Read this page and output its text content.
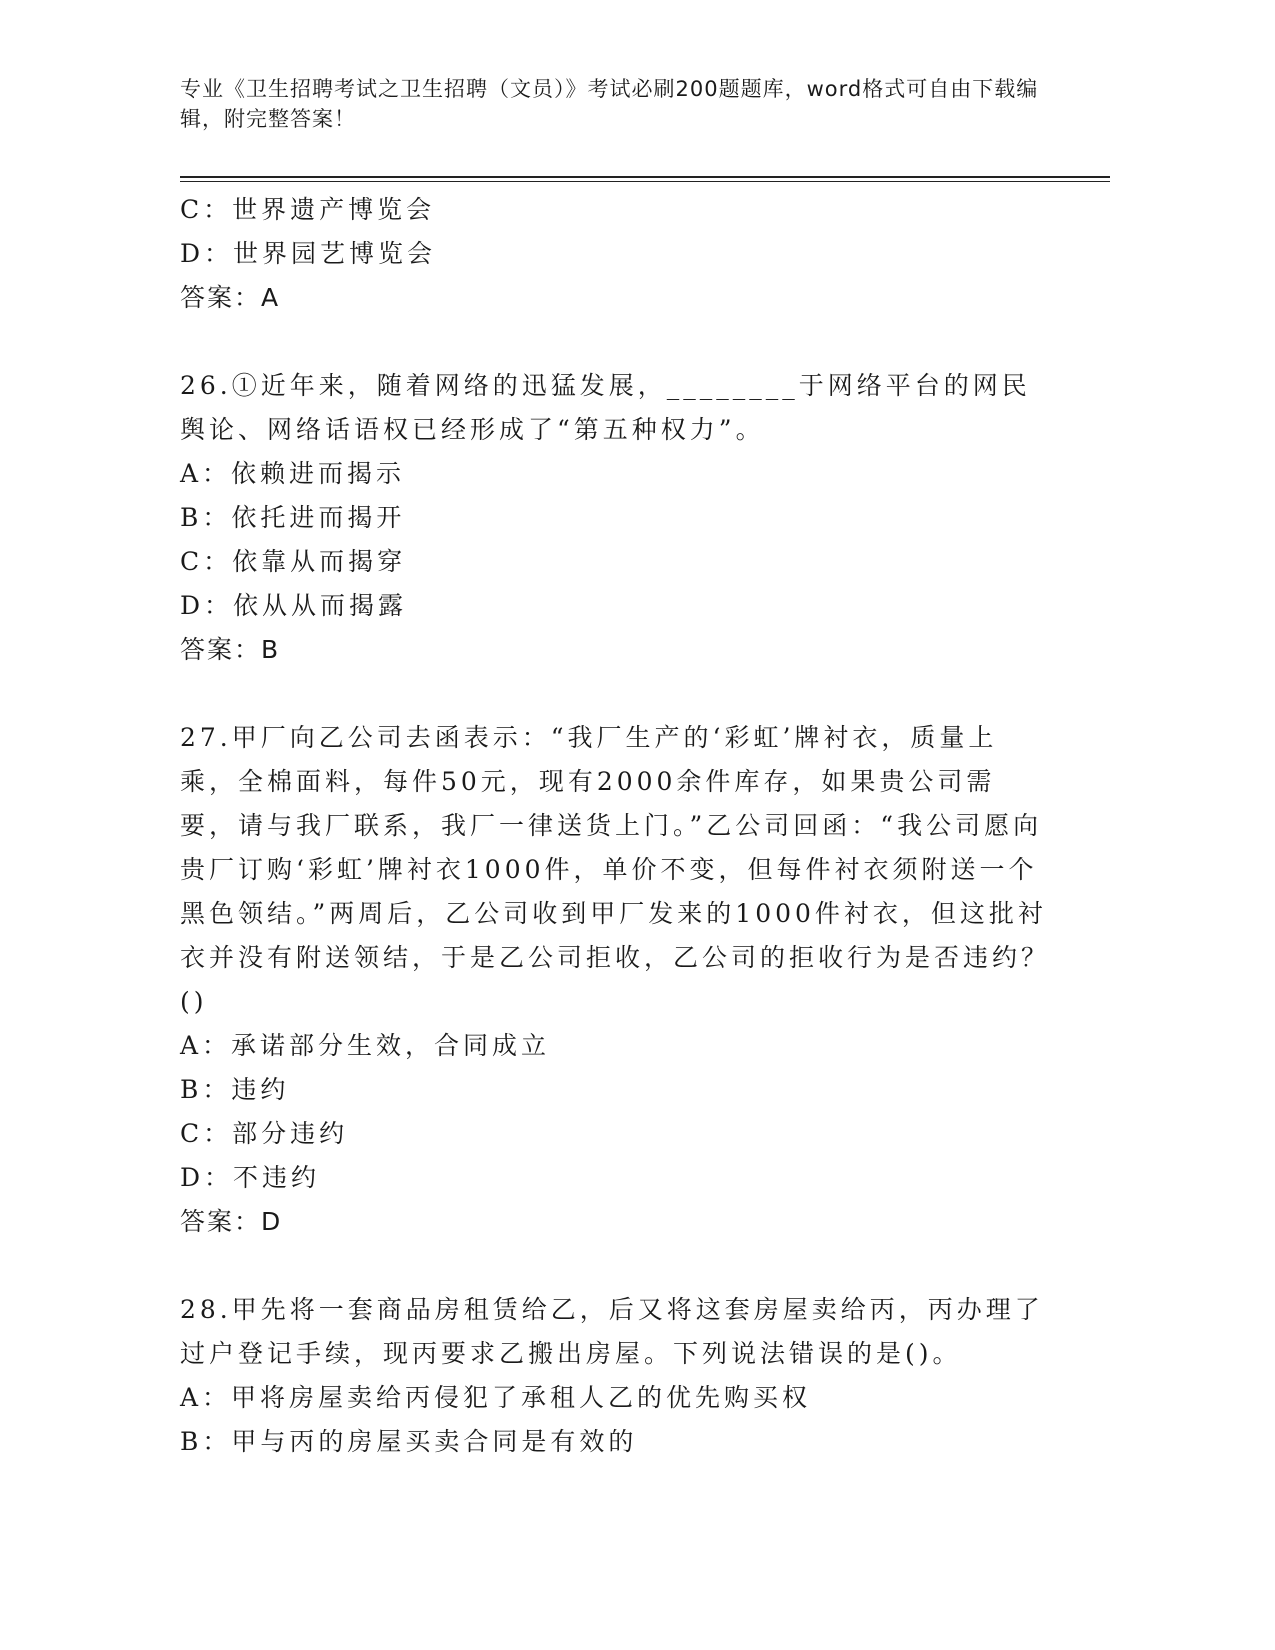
专业《卫生招聘考试之卫生招聘（文员）》考试必刷200题题库，word格式可自由下载编辑，附完整答案！
C：世界遗产博览会
D：世界园艺博览会
答案：A
26.①近年来，随着网络的迅猛发展，________于网络平台的网民舆论、网络话语权已经形成了“第五种权力”。
A：依赖进而揭示
B：依托进而揭开
C：依靠从而揭穿
D：依从从而揭露
答案：B
27.甲厂向乙公司去函表示：“我厂生产的‘彩虹’牌衬衣，质量上乘，全棉面料，每件50元，现有2000余件库存，如果贵公司需要，请与我厂联系，我厂一律送货上门。”乙公司回函：“我公司愿向贵厂订购‘彩虹’牌衬衣1000件，单价不变，但每件衬衣须附送一个黑色领结。”两周后，乙公司收到甲厂发来的1000件衬衣，但这批衬衣并没有附送领结，于是乙公司拒收，乙公司的拒收行为是否违约？()
A：承诺部分生效，合同成立
B：违约
C：部分违约
D：不违约
答案：D
28.甲先将一套商品房租赁给乙，后又将这套房屋卖给丙，丙办理了过户登记手续，现丙要求乙搬出房屋。下列说法错误的是()。
A：甲将房屋卖给丙侵犯了承租人乙的优先购买权
B：甲与丙的房屋买卖合同是有效的
